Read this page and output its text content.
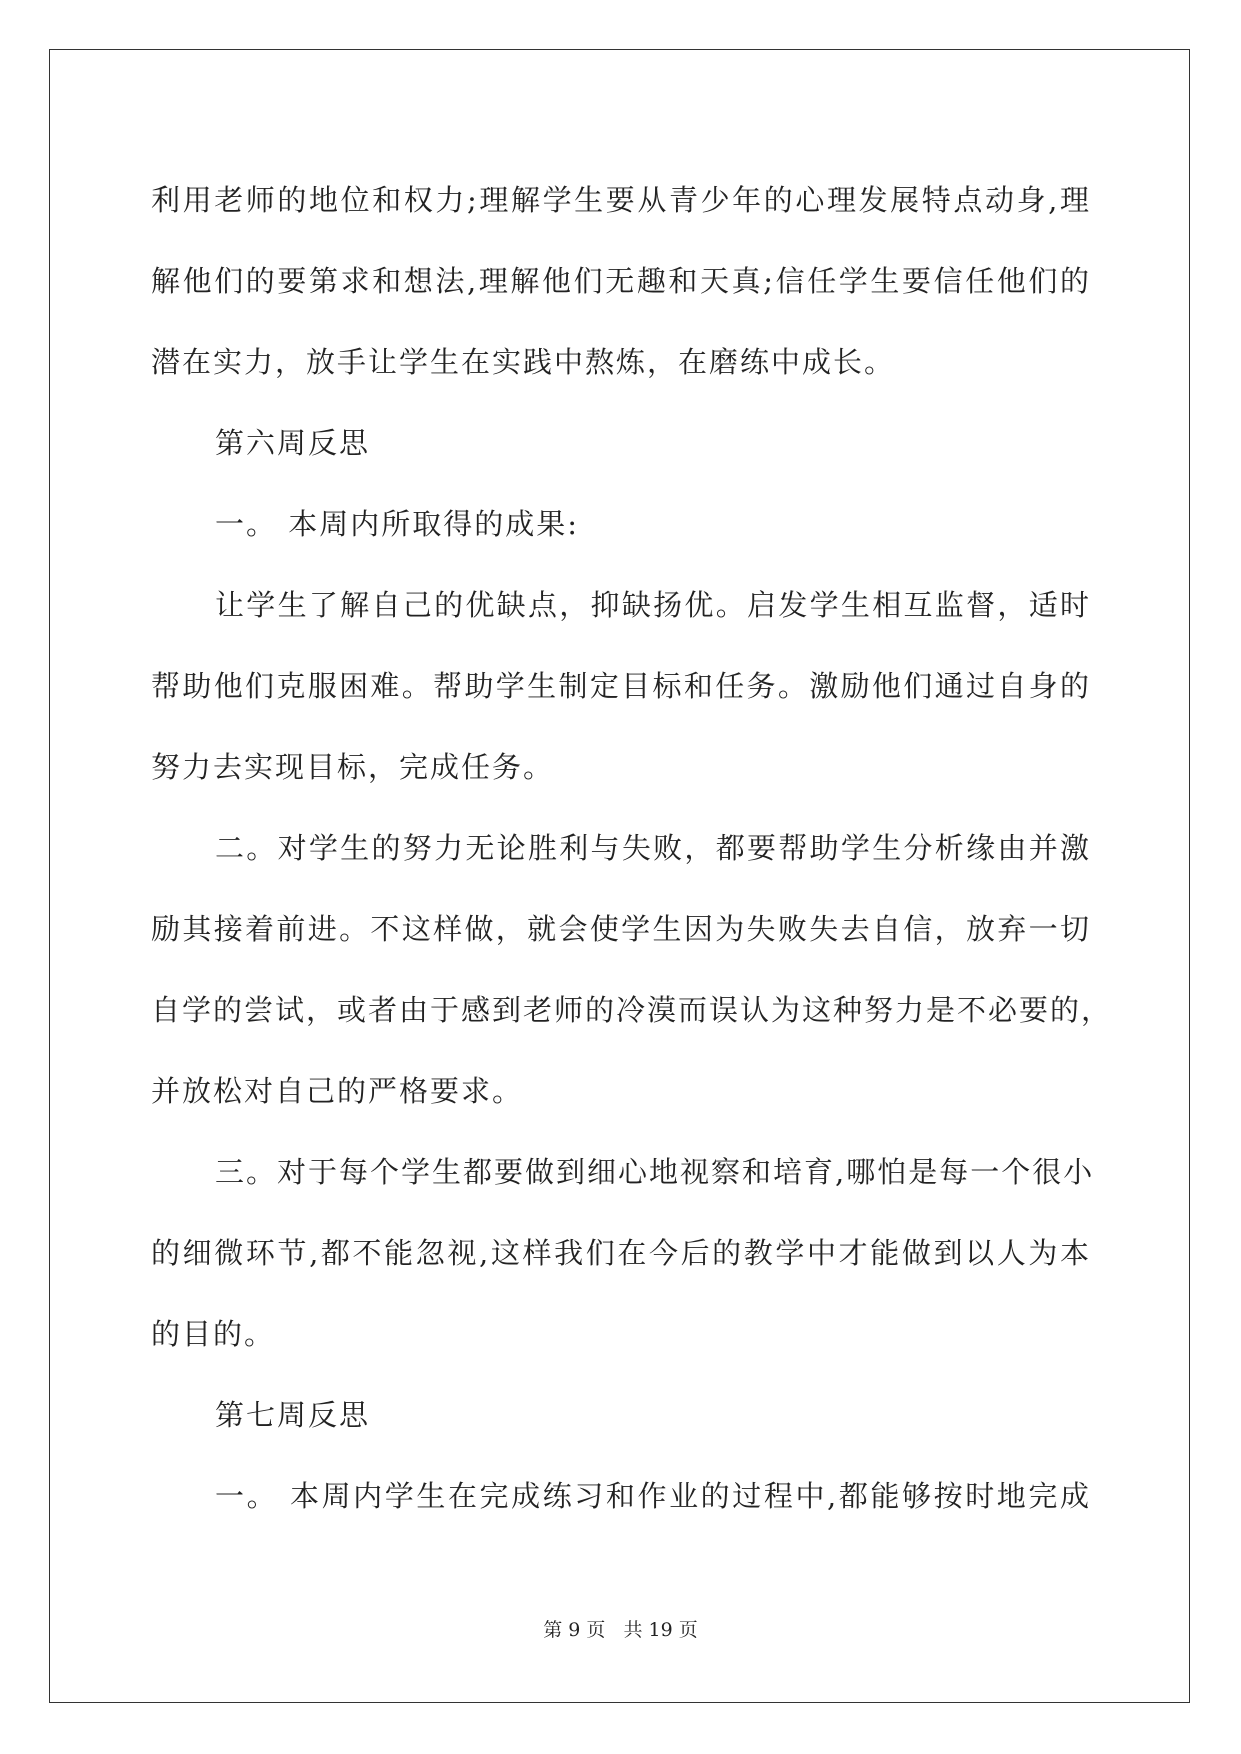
利用老师的地位和权力;理解学生要从青少年的心理发展特点动身,理
解他们的要第求和想法,理解他们无趣和天真;信任学生要信任他们的
潜在实力，放手让学生在实践中熬炼，在磨练中成长。
第六周反思
一。 本周内所取得的成果:
让学生了解自己的优缺点，抑缺扬优。启发学生相互监督，适时
帮助他们克服困难。帮助学生制定目标和任务。激励他们通过自身的
努力去实现目标，完成任务。
二。对学生的努力无论胜利与失败，都要帮助学生分析缘由并激
励其接着前进。不这样做，就会使学生因为失败失去自信，放弃一切
自学的尝试，或者由于感到老师的冷漠而误认为这种努力是不必要的，
并放松对自己的严格要求。
三。对于每个学生都要做到细心地视察和培育,哪怕是每一个很小
的细微环节,都不能忽视,这样我们在今后的教学中才能做到以人为本
的目的。
第七周反思
一。 本周内学生在完成练习和作业的过程中,都能够按时地完成
第 9 页   共 19 页
